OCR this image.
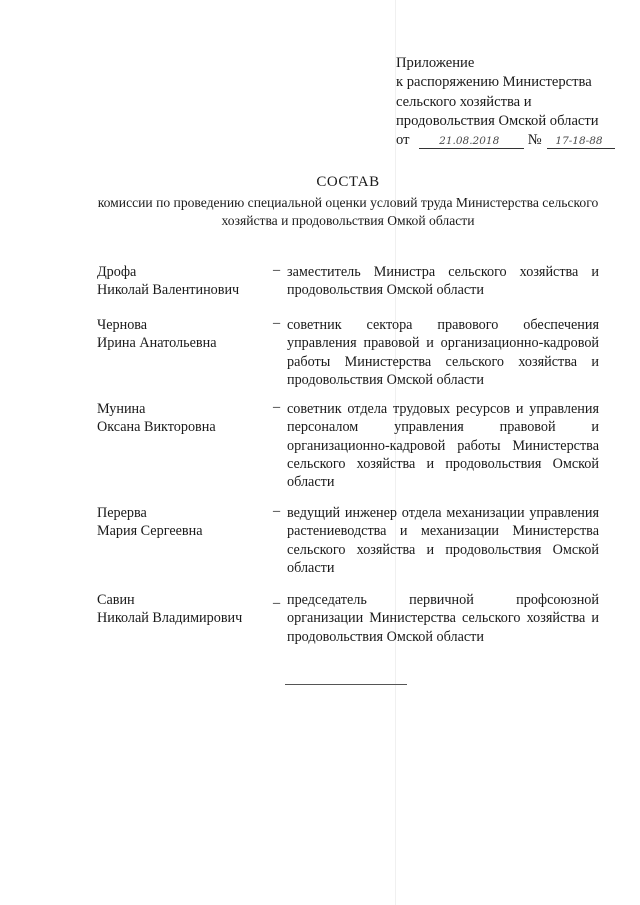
Приложение
к распоряжению Министерства
сельского хозяйства и
продовольствия Омской области
от	21.08.2018 № 17-18-88
СОСТАВ
комиссии по проведению специальной оценки условий труда Министерства сельского
хозяйства и продовольствия Омкой области
Дрофа
Николай Валентинович
– заместитель Министра сельского хозяйства и продовольствия Омской области
Чернова
Ирина Анатольевна
– советник сектора правового обеспечения управления правовой и организационно-кадровой работы Министерства сельского хозяйства и продовольствия Омской области
Мунина
Оксана Викторовна
– советник отдела трудовых ресурсов и управления персоналом управления правовой и организационно-кадровой работы Министерства сельского хозяйства и продовольствия Омской области
Перерва
Мария Сергеевна
– ведущий инженер отдела механизации управления растениеводства и механизации Министерства сельского хозяйства и продовольствия Омской области
Савин
Николай Владимирович
_ председатель первичной профсоюзной организации Министерства сельского хозяйства и продовольствия Омской области
